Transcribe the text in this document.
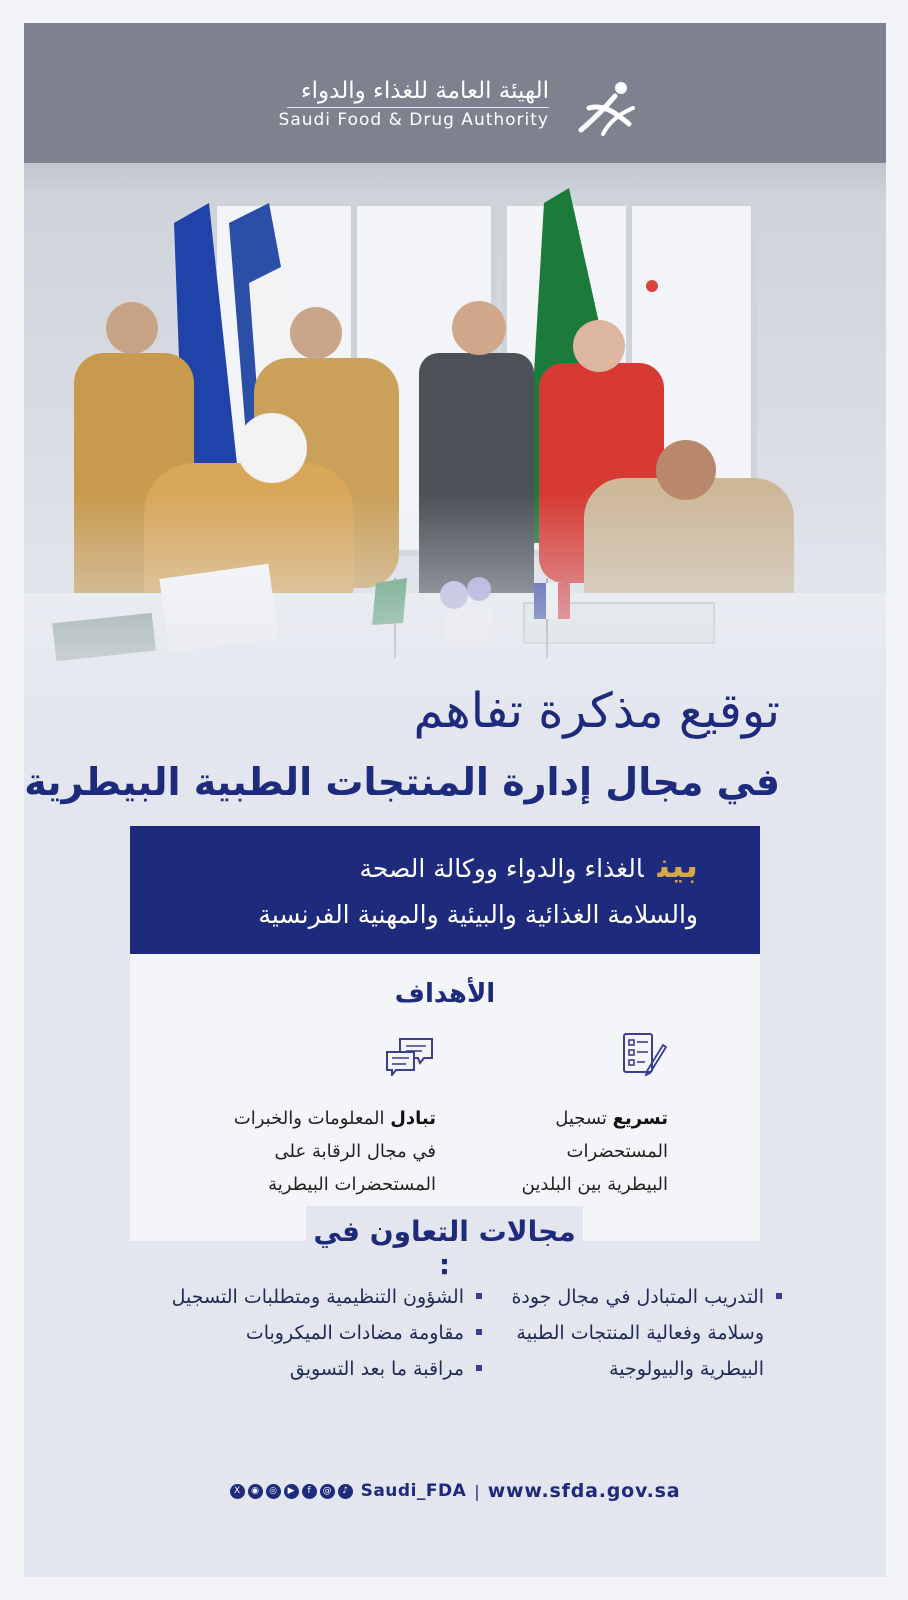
الهيئة العامة للغذاء والدواء
Saudi Food & Drug Authority
توقيع مذكرة تفاهم
في مجال إدارة المنتجات الطبية البيطرية
بينالغذاء والدواء ووكالة الصحة
والسلامة الغذائية والبيئية والمهنية الفرنسية
الأهداف
تسريع تسجيل
المستحضرات
البيطرية بين البلدين
تبادل المعلومات والخبرات
في مجال الرقابة على
المستحضرات البيطرية
مجالات التعاون في :
التدريب المتبادل في مجال جودة
وسلامة وفعالية المنتجات الطبية
البيطرية والبيولوجية
الشؤون التنظيمية ومتطلبات التسجيل
مقاومة مضادات الميكروبات
مراقبة ما بعد التسويق
X	◉	◎	▶	f	@	♪ Saudi_FDA | www.sfda.gov.sa
